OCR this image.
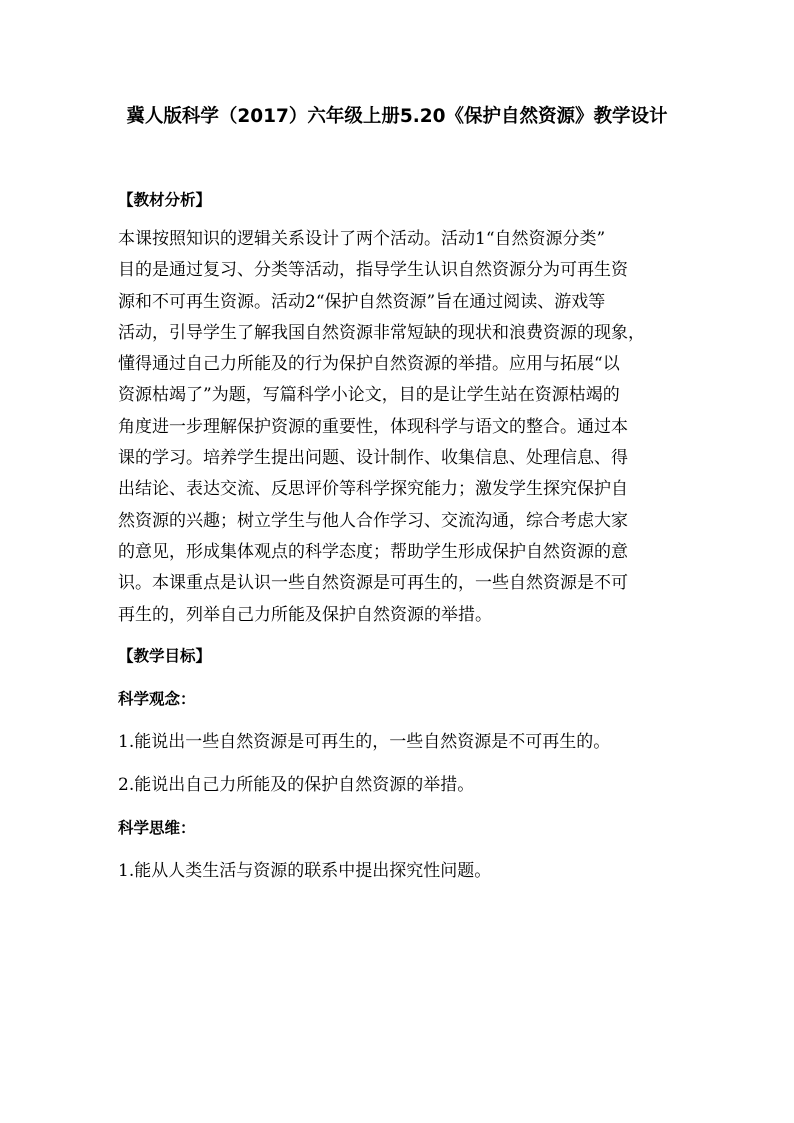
冀人版科学（2017）六年级上册5.20《保护自然资源》教学设计
【教材分析】
本课按照知识的逻辑关系设计了两个活动。活动1“自然资源分类”
目的是通过复习、分类等活动，指导学生认识自然资源分为可再生资
源和不可再生资源。活动2“保护自然资源”旨在通过阅读、游戏等
活动，引导学生了解我国自然资源非常短缺的现状和浪费资源的现象，
懂得通过自己力所能及的行为保护自然资源的举措。应用与拓展“以
资源枯竭了”为题，写篇科学小论文，目的是让学生站在资源枯竭的
角度进一步理解保护资源的重要性，体现科学与语文的整合。通过本
课的学习。培养学生提出问题、设计制作、收集信息、处理信息、得
出结论、表达交流、反思评价等科学探究能力；激发学生探究保护自
然资源的兴趣；树立学生与他人合作学习、交流沟通，综合考虑大家
的意见，形成集体观点的科学态度；帮助学生形成保护自然资源的意
识。本课重点是认识一些自然资源是可再生的，一些自然资源是不可
再生的，列举自己力所能及保护自然资源的举措。
【教学目标】
科学观念：
1.能说出一些自然资源是可再生的，一些自然资源是不可再生的。
2.能说出自己力所能及的保护自然资源的举措。
科学思维：
1.能从人类生活与资源的联系中提出探究性问题。
